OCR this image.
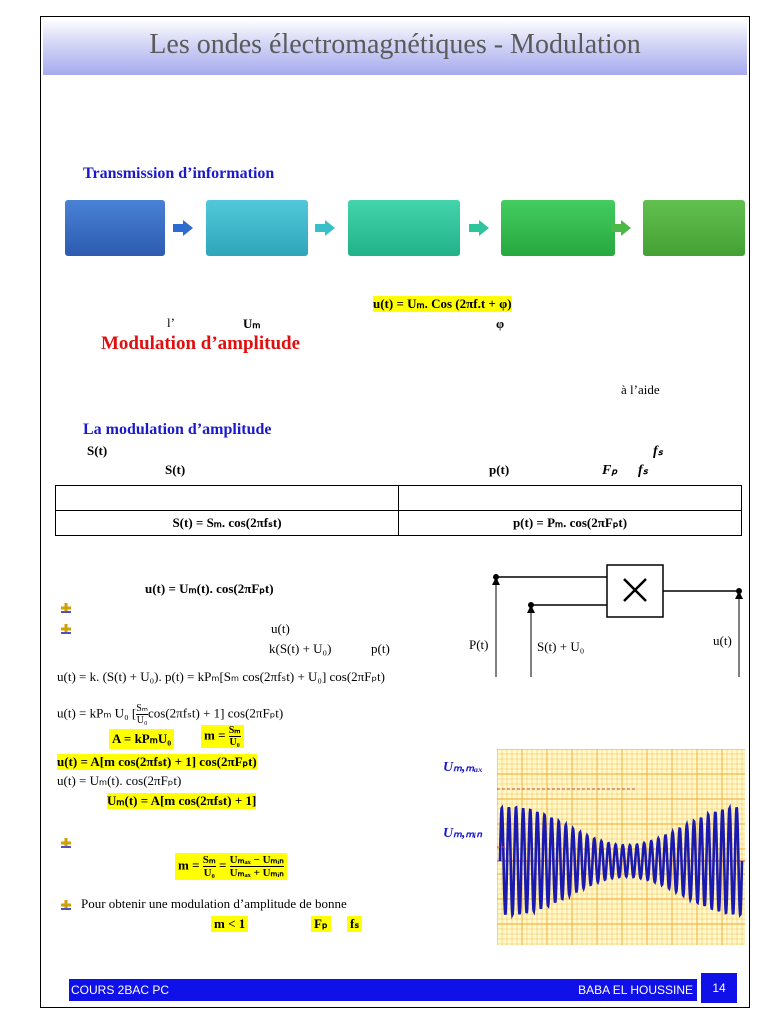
Les ondes électromagnétiques - Modulation
Transmission d’information
u(t) = Uₘ. Cos (2πf.t + φ)
l’	Uₘ	φ
Modulation d’amplitude
à l’aide
La modulation d’amplitude
S(t)	fₛ
S(t)	p(t)	Fₚ fₛ

S(t) = Sₘ. cos(2πfₛt)	p(t) = Pₘ. cos(2πFₚt)
u(t) = Uₘ(t). cos(2πFₚt)
u(t)
k(S(t) + U₀)	p(t)
u(t) = k. (S(t) + U₀). p(t) = kPₘ[Sₘ cos(2πfₛt) + U₀] cos(2πFₚt)
u(t) = kPₘ U₀ [ $\frac{\text{Sₘ}}{\text{U₀}} \cos(2\pi f_st) + 1$] cos(2πFₚt)
A = kPₘU₀	$m = \frac{\text{Sₘ}}{\text{U₀}}$
u(t) = A[m cos(2πfₛt) + 1] cos(2πFₚt)
u(t) = Uₘ(t). cos(2πFₚt)
Uₘ(t) = A[m cos(2πfₛt) + 1]
$m = \frac{\text{Sₘ}}{\text{U₀}} = U_{max}$ − Uₘᵢₙ
Uₘₐₓ + Uₘᵢₙ
Pour obtenir une modulation d’amplitude de bonne
m < 1	Fₚ fₛ
P(t)	S(t) + U₀	u(t)
Uₘ,ₘₐₓ
Uₘ,ₘᵢₙ
COURS 2BAC PC	BABA EL HOUSSINE	14
